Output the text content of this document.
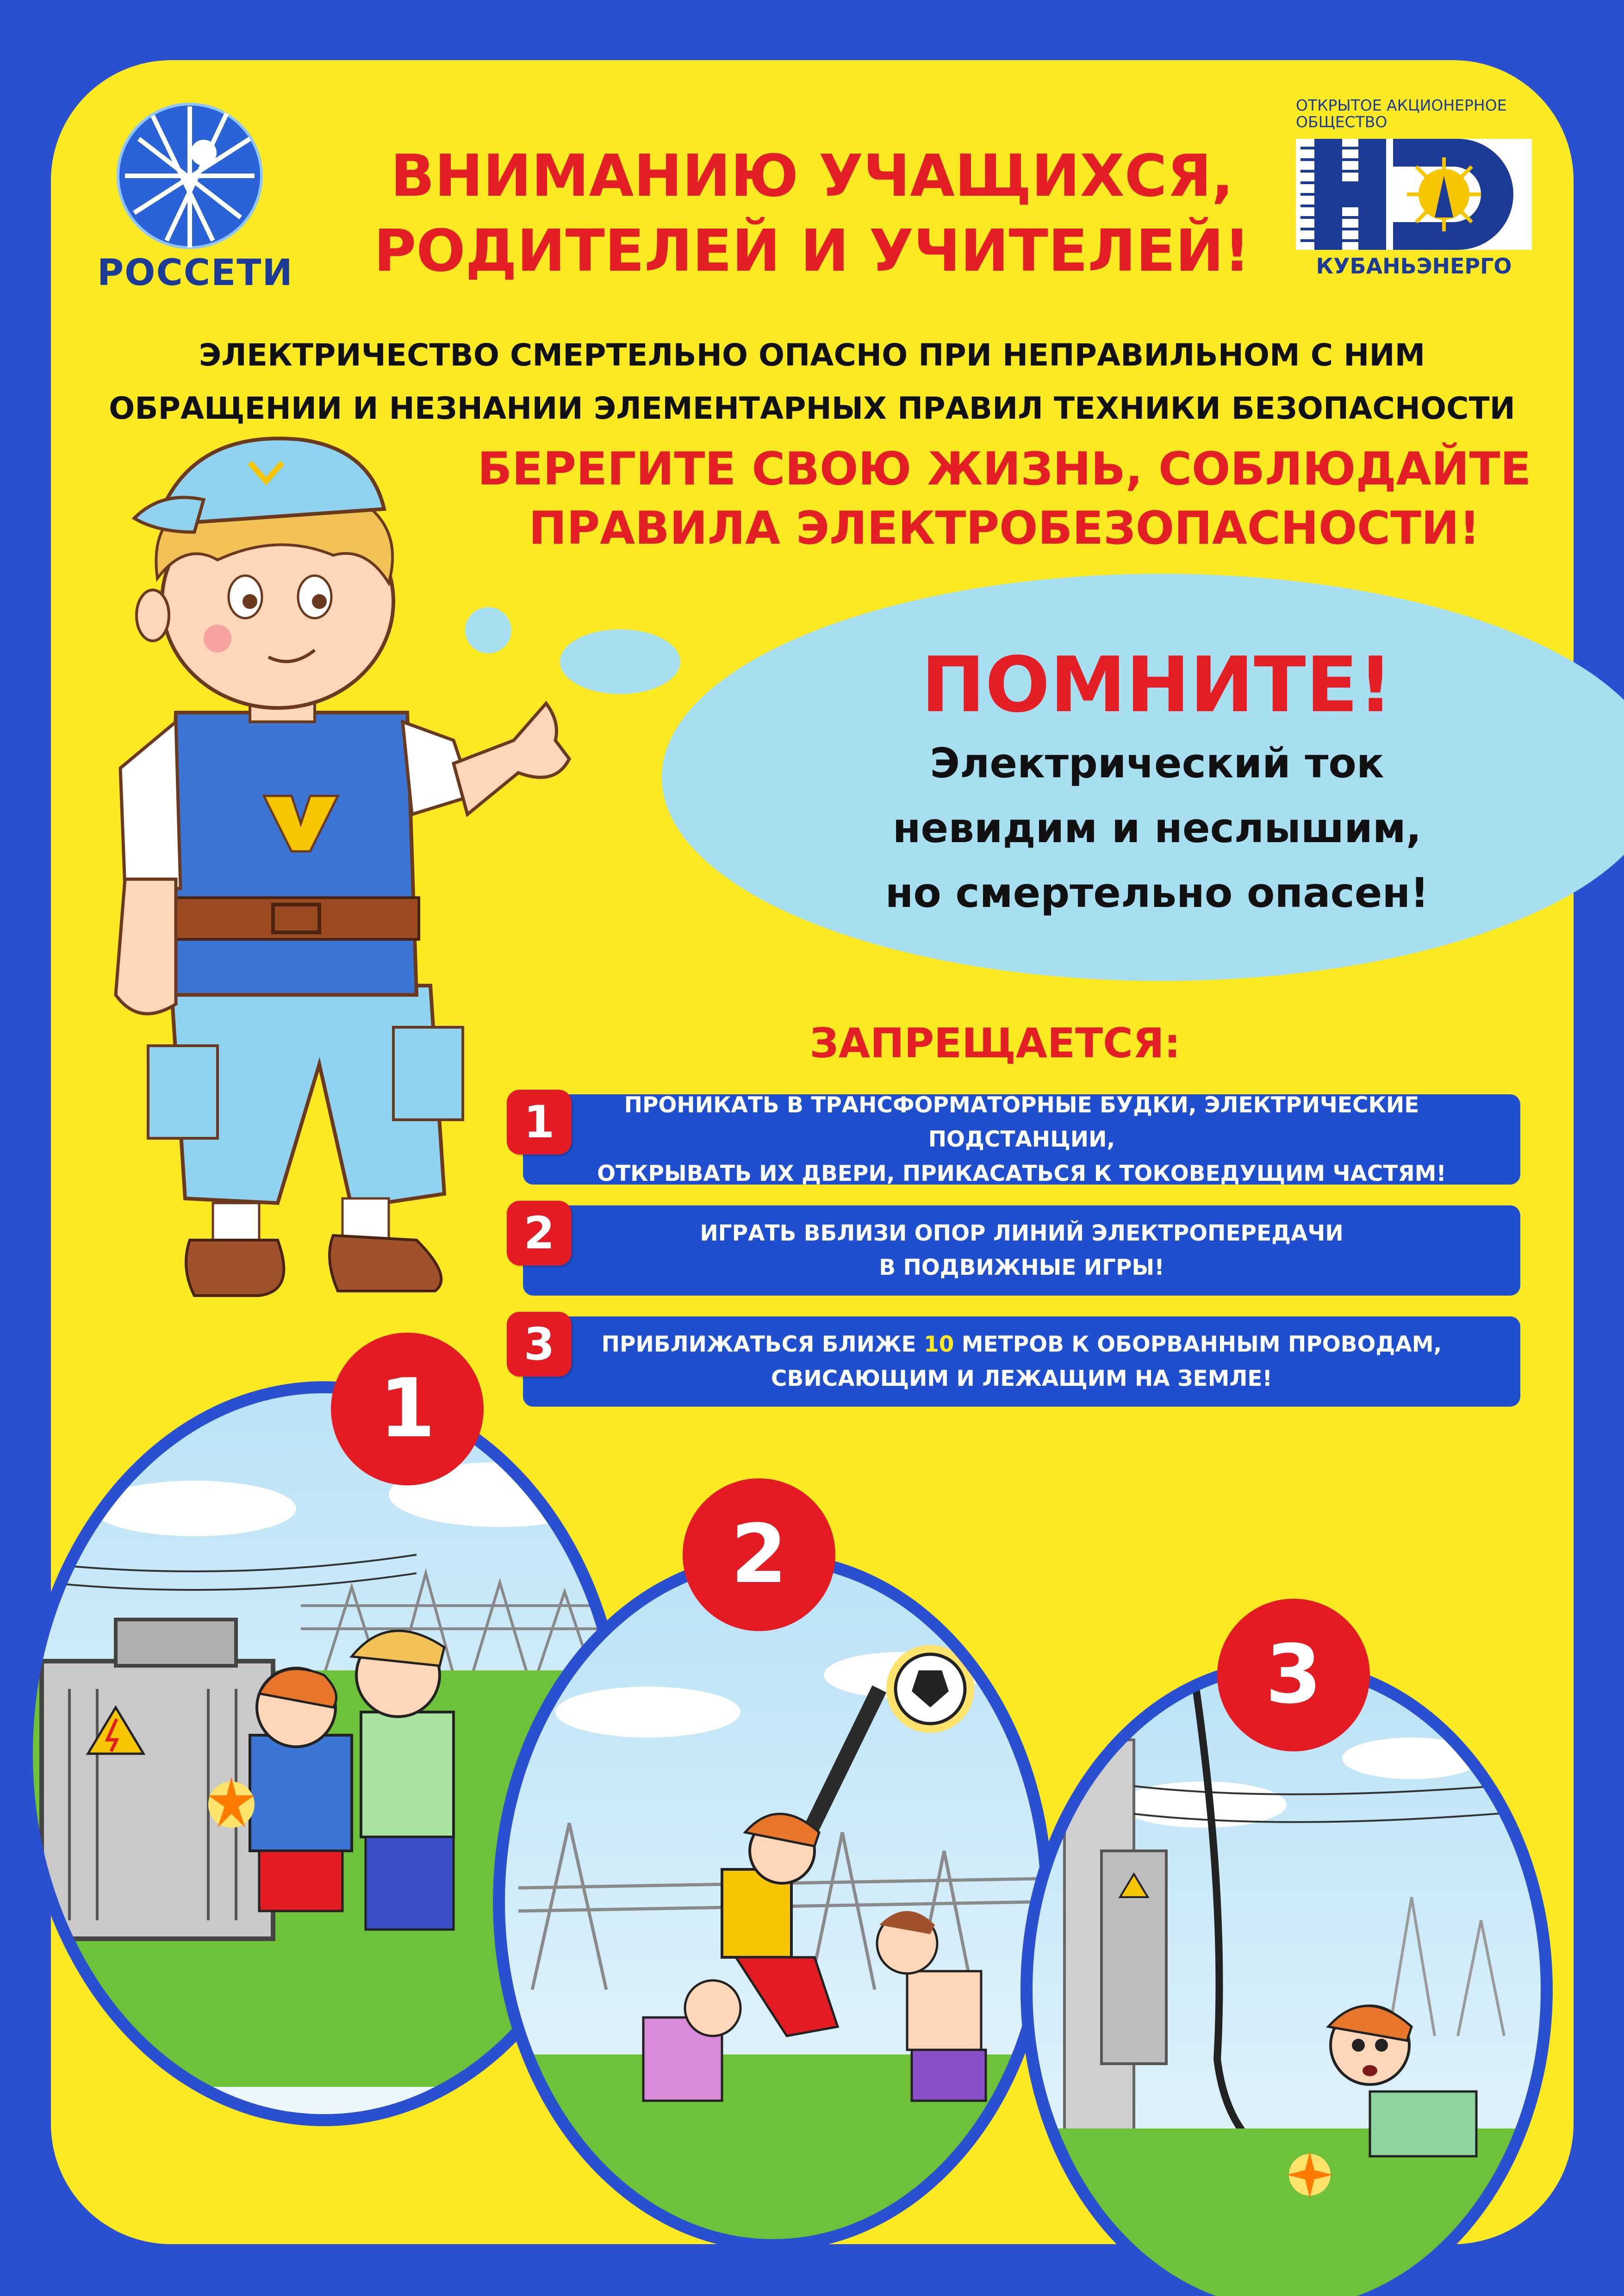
РОССЕТИ
ОТКРЫТОЕ АКЦИОНЕРНОЕ
ОБЩЕСТВО
КУБАНЬЭНЕРГО
ВНИМАНИЮ УЧАЩИХСЯ,
РОДИТЕЛЕЙ И УЧИТЕЛЕЙ!
ЭЛЕКТРИЧЕСТВО СМЕРТЕЛЬНО ОПАСНО ПРИ НЕПРАВИЛЬНОМ С НИМ
ОБРАЩЕНИИ И НЕЗНАНИИ ЭЛЕМЕНТАРНЫХ ПРАВИЛ ТЕХНИКИ БЕЗОПАСНОСТИ
БЕРЕГИТЕ СВОЮ ЖИЗНЬ, СОБЛЮДАЙТЕ
ПРАВИЛА ЭЛЕКТРОБЕЗОПАСНОСТИ!
ПОМНИТЕ!
Электрический ток
невидим и неслышим,
но смертельно опасен!
ЗАПРЕЩАЕТСЯ:
ПРОНИКАТЬ В ТРАНСФОРМАТОРНЫЕ БУДКИ, ЭЛЕКТРИЧЕСКИЕ ПОДСТАНЦИИ,
ОТКРЫВАТЬ ИХ ДВЕРИ, ПРИКАСАТЬСЯ К ТОКОВЕДУЩИМ ЧАСТЯМ!
1
ИГРАТЬ ВБЛИЗИ ОПОР ЛИНИЙ ЭЛЕКТРОПЕРЕДАЧИ
В ПОДВИЖНЫЕ ИГРЫ!
2
ПРИБЛИЖАТЬСЯ БЛИЖЕ 10 МЕТРОВ К ОБОРВАННЫМ ПРОВОДАМ,
СВИСАЮЩИМ И ЛЕЖАЩИМ НА ЗЕМЛЕ!
3
1
2
3
